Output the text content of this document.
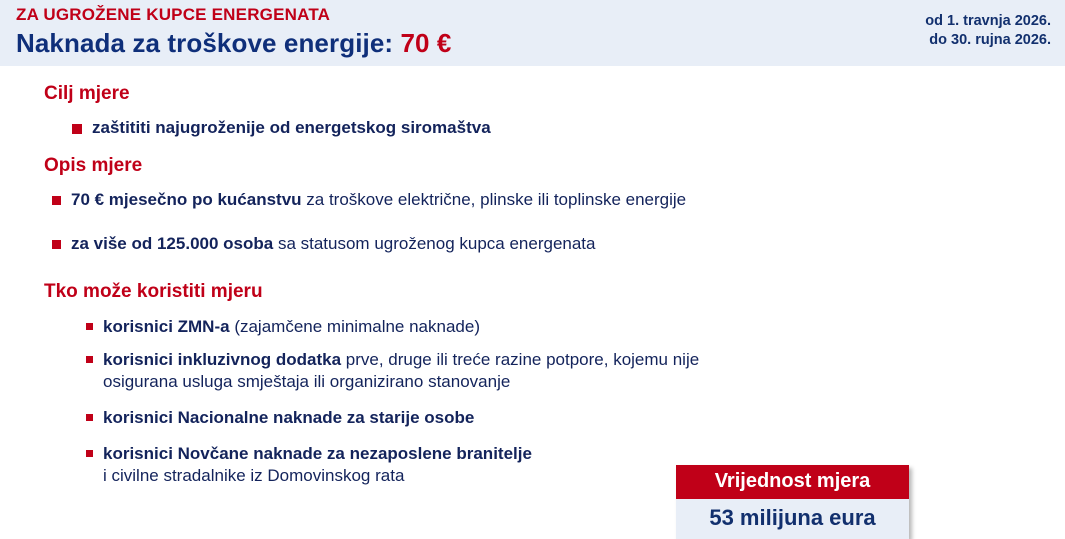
ZA UGROŽENE KUPCE ENERGENATA
Naknada za troškove energije: 70 €
od 1. travnja 2026.
do 30. rujna 2026.
Cilj mjere
zaštititi najugroženije od energetskog siromaštva
Opis mjere
70 € mjesečno po kućanstvu za troškove električne, plinske ili toplinske energije
za više od 125.000 osoba sa statusom ugroženog kupca energenata
Tko može koristiti mjeru
korisnici ZMN-a (zajamčene minimalne naknade)
korisnici inkluzivnog dodatka prve, druge ili treće razine potpore, kojemu nije osigurana usluga smještaja ili organizirano stanovanje
korisnici Nacionalne naknade za starije osobe
korisnici Novčane naknade za nezaposlene branitelje
i civilne stradalnike iz Domovinskog rata	Vrijednost mjera
53 milijuna eura
